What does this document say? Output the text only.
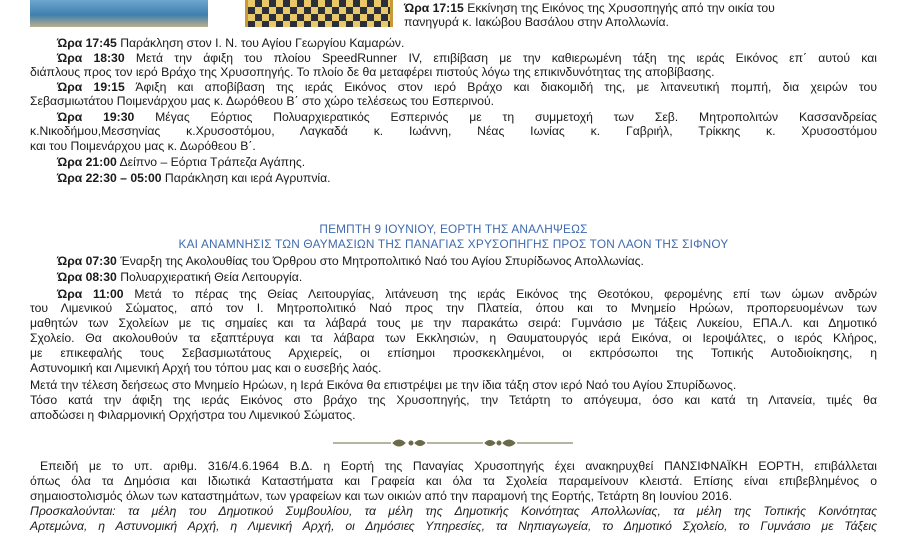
Ώρα 17:15 Εκκίνηση της Εικόνος της Χρυσοπηγής από την οικία του
πανηγυρά κ. Ιακώβου Βασάλου στην Απολλωνία.
Ώρα 17:45 Παράκληση στον Ι. Ν. του Αγίου Γεωργίου Καμαρών.
Ώρα 18:30 Μετά την άφιξη του πλοίου SpeedRunner IV, επιβίβαση με την καθιερωμένη τάξη της ιεράς Εικόνος επ΄ αυτού και
διάπλους προς τον ιερό Βράχο της Χρυσοπηγής. Το πλοίο δε θα μεταφέρει πιστούς λόγω της επικινδυνότητας της αποβίβασης.
Ώρα 19:15 Άφιξη και αποβίβαση της ιεράς Εικόνος στον ιερό Βράχο και διακομιδή της, με λιτανευτική πομπή, δια χειρών του
Σεβασμιωτάτου Ποιμενάρχου μας κ. Δωρόθεου Β΄ στο χώρο τελέσεως του Εσπερινού.
Ώρα 19:30 Μέγας Εόρτιος Πολυαρχιερατικός Εσπερινός με τη συμμετοχή των Σεβ. Μητροπολιτών Κασσανδρείας
κ.Νικοδήμου,Μεσσηνίας κ.Χρυσοστόμου, Λαγκαδά κ. Ιωάννη, Νέας Ιωνίας κ. Γαβριήλ, Τρίκκης κ. Χρυσοστόμου
και του Ποιμενάρχου μας κ. Δωρόθεου Β΄.
Ώρα 21:00 Δείπνο – Εόρτια Τράπεζα Αγάπης.
Ώρα 22:30 – 05:00 Παράκληση και ιερά Αγρυπνία.
ΠΕΜΠΤΗ 9 ΙΟΥΝΙΟΥ, ΕΟΡΤΗ ΤΗΣ ΑΝΑΛΗΨΕΩΣ
ΚΑΙ ΑΝΑΜΝΗΣΙΣ ΤΩΝ ΘΑΥΜΑΣΙΩΝ ΤΗΣ ΠΑΝΑΓΙΑΣ ΧΡΥΣΟΠΗΓΗΣ ΠΡΟΣ ΤΟΝ ΛΑΟΝ ΤΗΣ ΣΙΦΝΟΥ
Ώρα 07:30 Έναρξη της Ακολουθίας του Όρθρου στο Μητροπολιτικό Ναό του Αγίου Σπυρίδωνος Απολλωνίας.
Ώρα 08:30 Πολυαρχιερατική Θεία Λειτουργία.
Ώρα 11:00 Μετά το πέρας της Θείας Λειτουργίας, λιτάνευση της ιεράς Εικόνος της Θεοτόκου, φερομένης επί των ώμων ανδρών
του Λιμενικού Σώματος, από τον Ι. Μητροπολιτικό Ναό προς την Πλατεία, όπου και το Μνημείο Ηρώων, προπορευομένων των
μαθητών των Σχολείων με τις σημαίες και τα λάβαρά τους με την παρακάτω σειρά: Γυμνάσιο με Τάξεις Λυκείου, ΕΠΑ.Λ. και Δημοτικό
Σχολείο. Θα ακολουθούν τα εξαπτέρυγα και τα λάβαρα των Εκκλησιών, η Θαυματουργός ιερά Εικόνα, οι Ιεροψάλτες, ο ιερός Κλήρος,
με επικεφαλής τους Σεβασμιωτάτους Αρχιερείς, οι επίσημοι προσκεκλημένοι, οι εκπρόσωποι της Τοπικής Αυτοδιοίκησης, η
Αστυνομική και Λιμενική Αρχή του τόπου μας και ο ευσεβής λαός.
Μετά την τέλεση δεήσεως στο Μνημείο Ηρώων, η Ιερά Εικόνα θα επιστρέψει με την ίδια τάξη στον ιερό Ναό του Αγίου Σπυρίδωνος.
Τόσο κατά την άφιξη της ιεράς Εικόνος στο βράχο της Χρυσοπηγής, την Τετάρτη το απόγευμα, όσο και κατά τη Λιτανεία, τιμές θα
αποδώσει η Φιλαρμονική Ορχήστρα του Λιμενικού Σώματος.
Επειδή με το υπ. αριθμ. 316/4.6.1964 Β.Δ. η Εορτή της Παναγίας Χρυσοπηγής έχει ανακηρυχθεί ΠΑΝΣΙΦΝΑΪΚΗ ΕΟΡΤΗ, επιβάλλεται
όπως όλα τα Δημόσια και Ιδιωτικά Καταστήματα και Γραφεία και όλα τα Σχολεία παραμείνουν κλειστά. Επίσης είναι επιβεβλημένος ο
σημαιοστολισμός όλων των καταστημάτων, των γραφείων και των οικιών από την παραμονή της Εορτής, Τετάρτη 8η Ιουνίου 2016.
Προσκαλούνται: τα μέλη του Δημοτικού Συμβουλίου, τα μέλη της Δημοτικής Κοινότητας Απολλωνίας, τα μέλη της Τοπικής Κοινότητας
Αρτεμώνα, η Αστυνομική Αρχή, η Λιμενική Αρχή, οι Δημόσιες Υπηρεσίες, τα Νηπιαγωγεία, το Δημοτικό Σχολείο, το Γυμνάσιο με Τάξεις
